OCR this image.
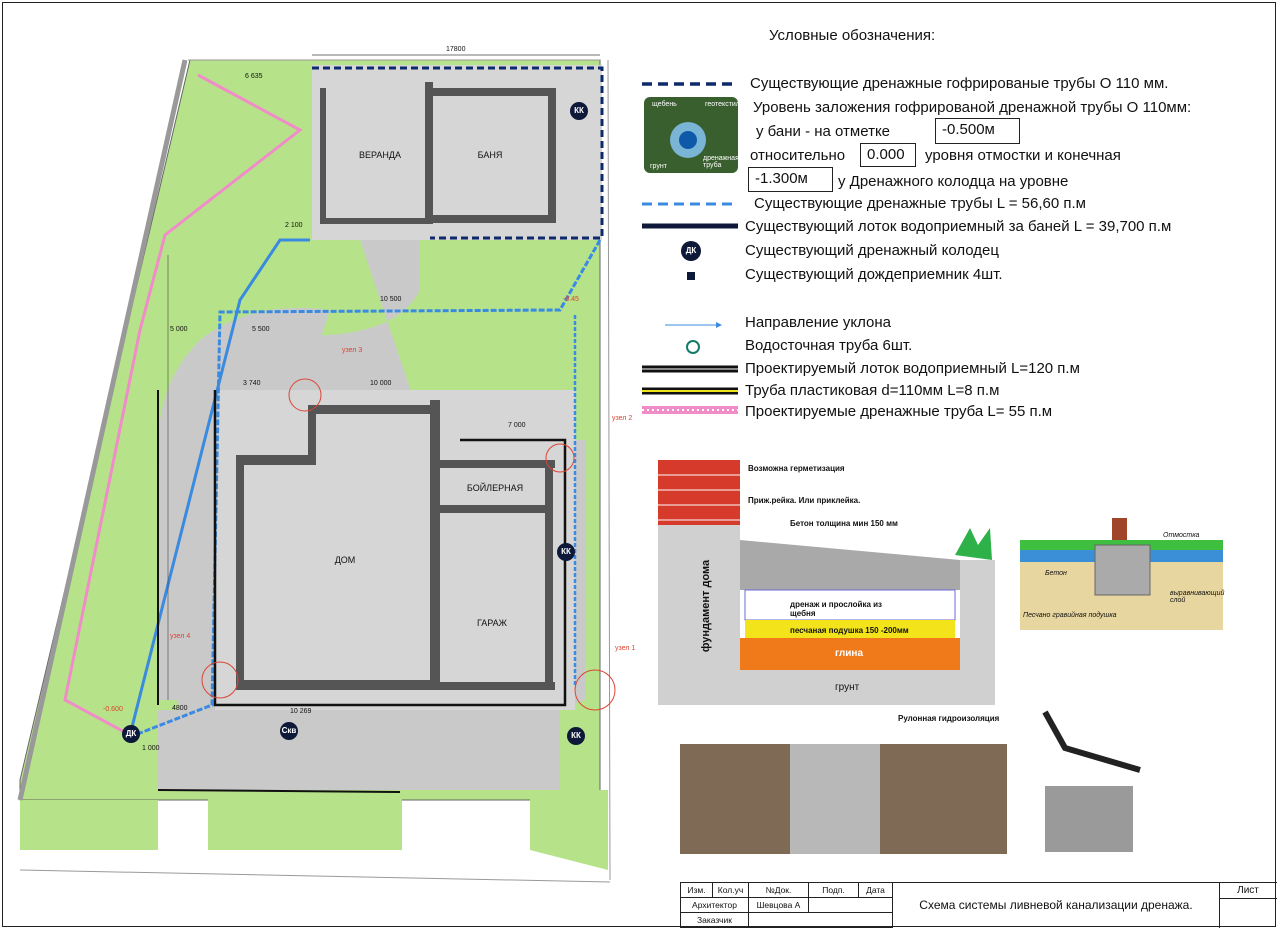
ВЕРАНДА	БАНЯ
ДОМ
БОЙЛЕРНАЯ
ГАРАЖ
КК
КК
КК
ДК	Скв
17800
6 635
2 100
10 500
5 000	5 500
-0.45
3 740	10 000
7 000
10 269
4800
1 000
-0.600
узел 1
узел 2
узел 3
узел 4
Условные обозначения:
Существующие дренажные гофрированые трубы О 110 мм.
Уровень заложения гофрированой дренажной трубы О 110мм:
у бани - на отметке	-0.500м
относительно	0.000	уровня отмостки и конечная
-1.300м	у Дренажного колодца на уровне
Существующие дренажные трубы L = 56,60 п.м
Существующий лоток водоприемный за баней L = 39,700 п.м
ДК	Существующий дренажный колодец
Существующий дождеприемник 4шт.
Направление уклона
Водосточная труба 6шт.
Проектируемый лоток водоприемный L=120 п.м
Труба пластиковая d=110мм L=8 п.м
Проектируемые дренажные труба L= 55 п.м
щебень	геотекстиль
грунт
дренажная труба
Возможна герметизация
Приж.рейка. Или приклейка.
Бетон толщина мин 150 мм
дренаж и прослойка из щебня
песчаная подушка 150 -200мм
глина
грунт
Рулонная гидроизоляция
фундамент дома
Отмостка
Бетон
выравнивающий слой
Песчано гравийная подушка
Изм.	Кол.уч	№Док.	Подп.	Дата
Архитектор	Шевцова А
Заказчик
Схема системы ливневой канализации дренажа.
Лист
